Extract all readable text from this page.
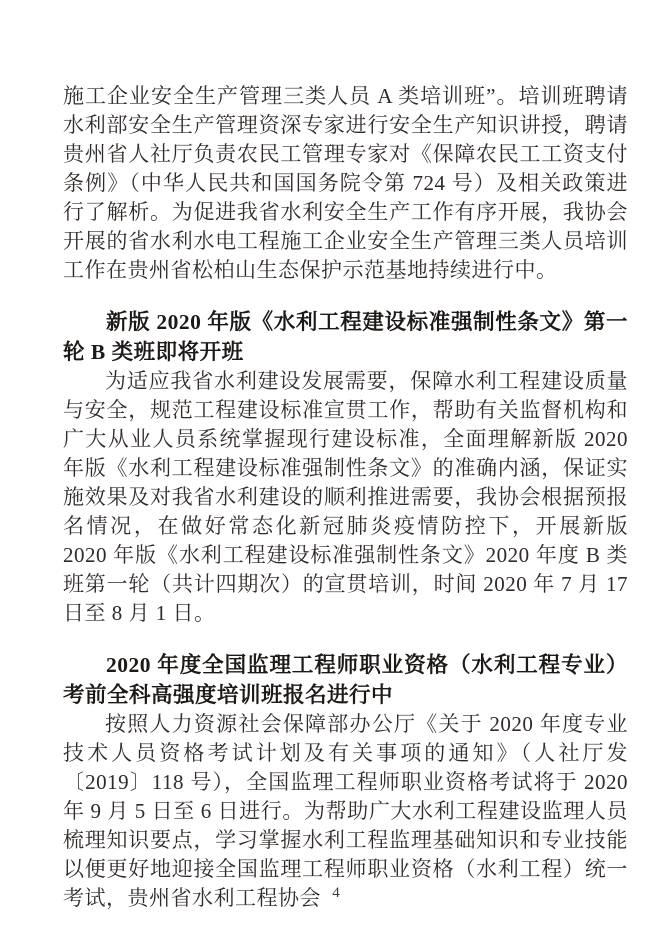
施工企业安全生产管理三类人员 A 类培训班”。培训班聘请水利部安全生产管理资深专家进行安全生产知识讲授，聘请贵州省人社厅负责农民工管理专家对《保障农民工工资支付条例》（中华人民共和国国务院令第 724 号）及相关政策进行了解析。为促进我省水利安全生产工作有序开展，我协会开展的省水利水电工程施工企业安全生产管理三类人员培训工作在贵州省松柏山生态保护示范基地持续进行中。

新版 2020 年版《水利工程建设标准强制性条文》第一轮 B 类班即将开班

为适应我省水利建设发展需要，保障水利工程建设质量与安全，规范工程建设标准宣贯工作，帮助有关监督机构和广大从业人员系统掌握现行建设标准，全面理解新版 2020 年版《水利工程建设标准强制性条文》的准确内涵，保证实施效果及对我省水利建设的顺利推进需要，我协会根据预报名情况，在做好常态化新冠肺炎疫情防控下，开展新版 2020 年版《水利工程建设标准强制性条文》2020 年度 B 类班第一轮（共计四期次）的宣贯培训，时间 2020 年 7 月 17 日至 8 月 1 日。

2020 年度全国监理工程师职业资格（水利工程专业）考前全科高强度培训班报名进行中

按照人力资源社会保障部办公厅《关于 2020 年度专业技术人员资格考试计划及有关事项的通知》（人社厅发〔2019〕118 号），全国监理工程师职业资格考试将于 2020 年 9 月 5 日至 6 日进行。为帮助广大水利工程建设监理人员梳理知识要点，学习掌握水利工程监理基础知识和专业技能以便更好地迎接全国监理工程师职业资格（水利工程）统一考试，贵州省水利工程协会 4
